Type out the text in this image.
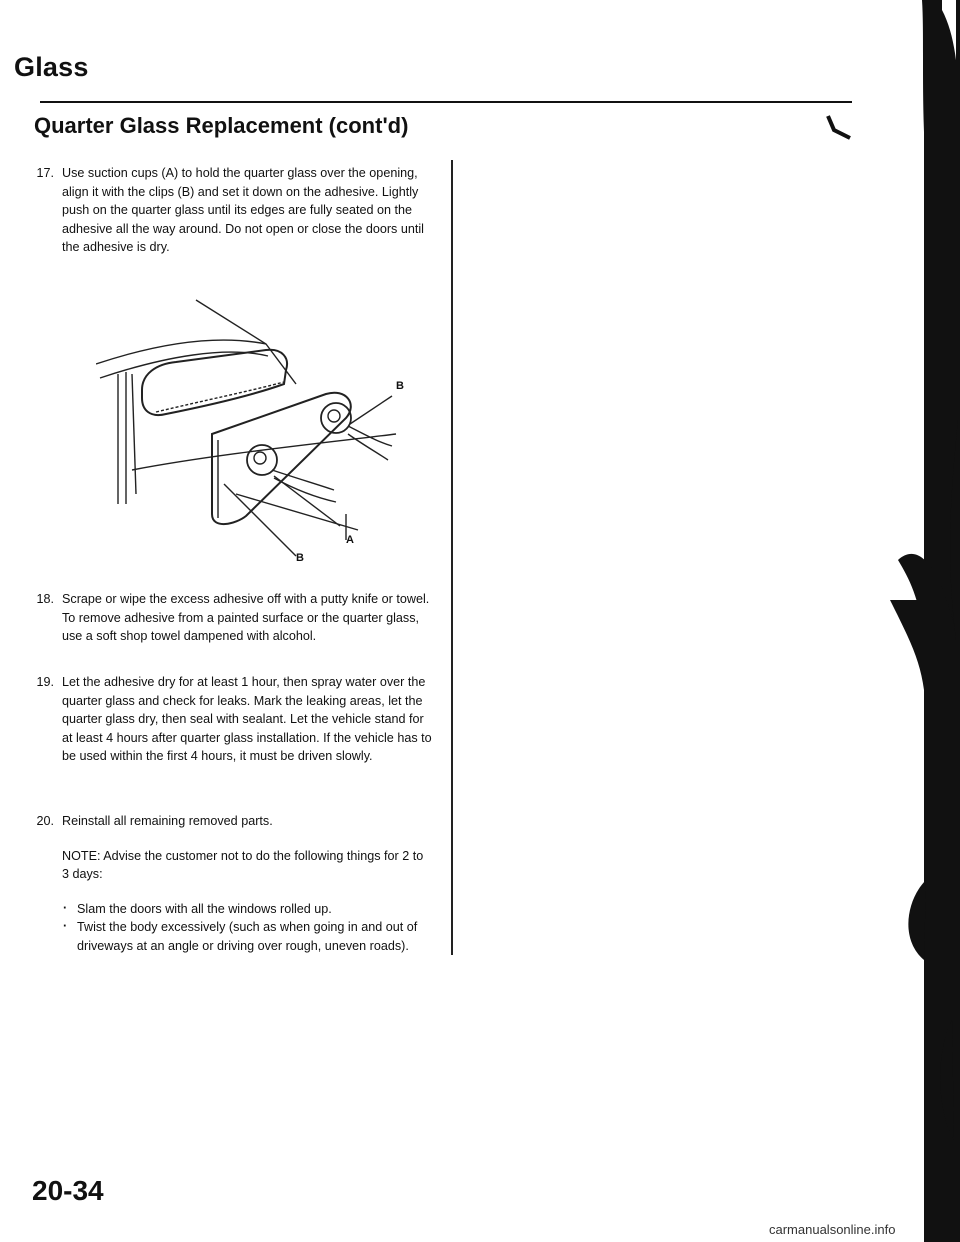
Glass
Quarter Glass Replacement (cont'd)
17. Use suction cups (A) to hold the quarter glass over the opening, align it with the clips (B) and set it down on the adhesive. Lightly push on the quarter glass until its edges are fully seated on the adhesive all the way around. Do not open or close the doors until the adhesive is dry.

B
A
B
18. Scrape or wipe the excess adhesive off with a putty knife or towel. To remove adhesive from a painted surface or the quarter glass, use a soft shop towel dampened with alcohol.

19. Let the adhesive dry for at least 1 hour, then spray water over the quarter glass and check for leaks. Mark the leaking areas, let the quarter glass dry, then seal with sealant. Let the vehicle stand for at least 4 hours after quarter glass installation. If the vehicle has to be used within the first 4 hours, it must be driven slowly.

20. Reinstall all remaining removed parts.

NOTE: Advise the customer not to do the following things for 2 to 3 days:

· Slam the doors with all the windows rolled up.
· Twist the body excessively (such as when going in and out of driveways at an angle or driving over rough, uneven roads).

20-34

carmanualsonline.info
